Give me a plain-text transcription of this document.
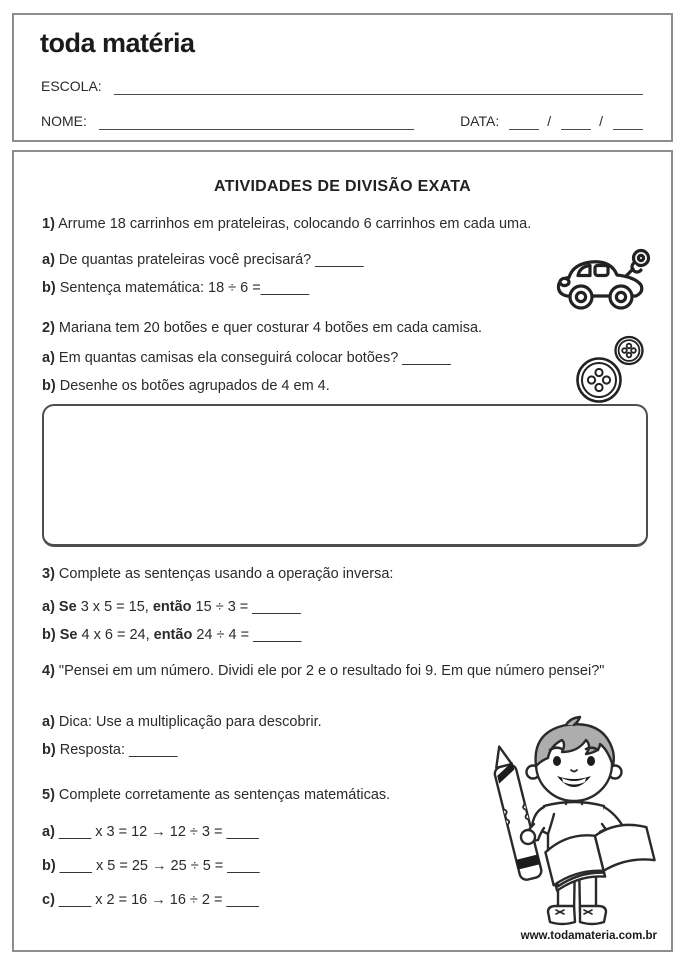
toda matéria
ESCOLA:
NOME:	DATA:	/	/
ATIVIDADES DE DIVISÃO EXATA
1) Arrume 18 carrinhos em prateleiras, colocando 6 carrinhos em cada uma.
a) De quantas prateleiras você precisará? ______
b) Sentença matemática: 18 ÷ 6 =______
2) Mariana tem 20 botões e quer costurar 4 botões em cada camisa.
a) Em quantas camisas ela conseguirá colocar botões? ______
b) Desenhe os botões agrupados de 4 em 4.
3) Complete as sentenças usando a operação inversa:
a) Se 3 x 5 = 15, então 15 ÷ 3 = ______
b) Se 4 x 6 = 24, então 24 ÷ 4 = ______
4) "Pensei em um número. Dividi ele por 2 e o resultado foi 9. Em que número pensei?"
a) Dica: Use a multiplicação para descobrir.
b) Resposta: ______
5) Complete corretamente as sentenças matemáticas.
a) ____ x 3 = 12 → 12 ÷ 3 = ____
b) ____ x 5 = 25 → 25 ÷ 5 = ____
c) ____ x 2 = 16 → 16 ÷ 2 = ____
www.todamateria.com.br
